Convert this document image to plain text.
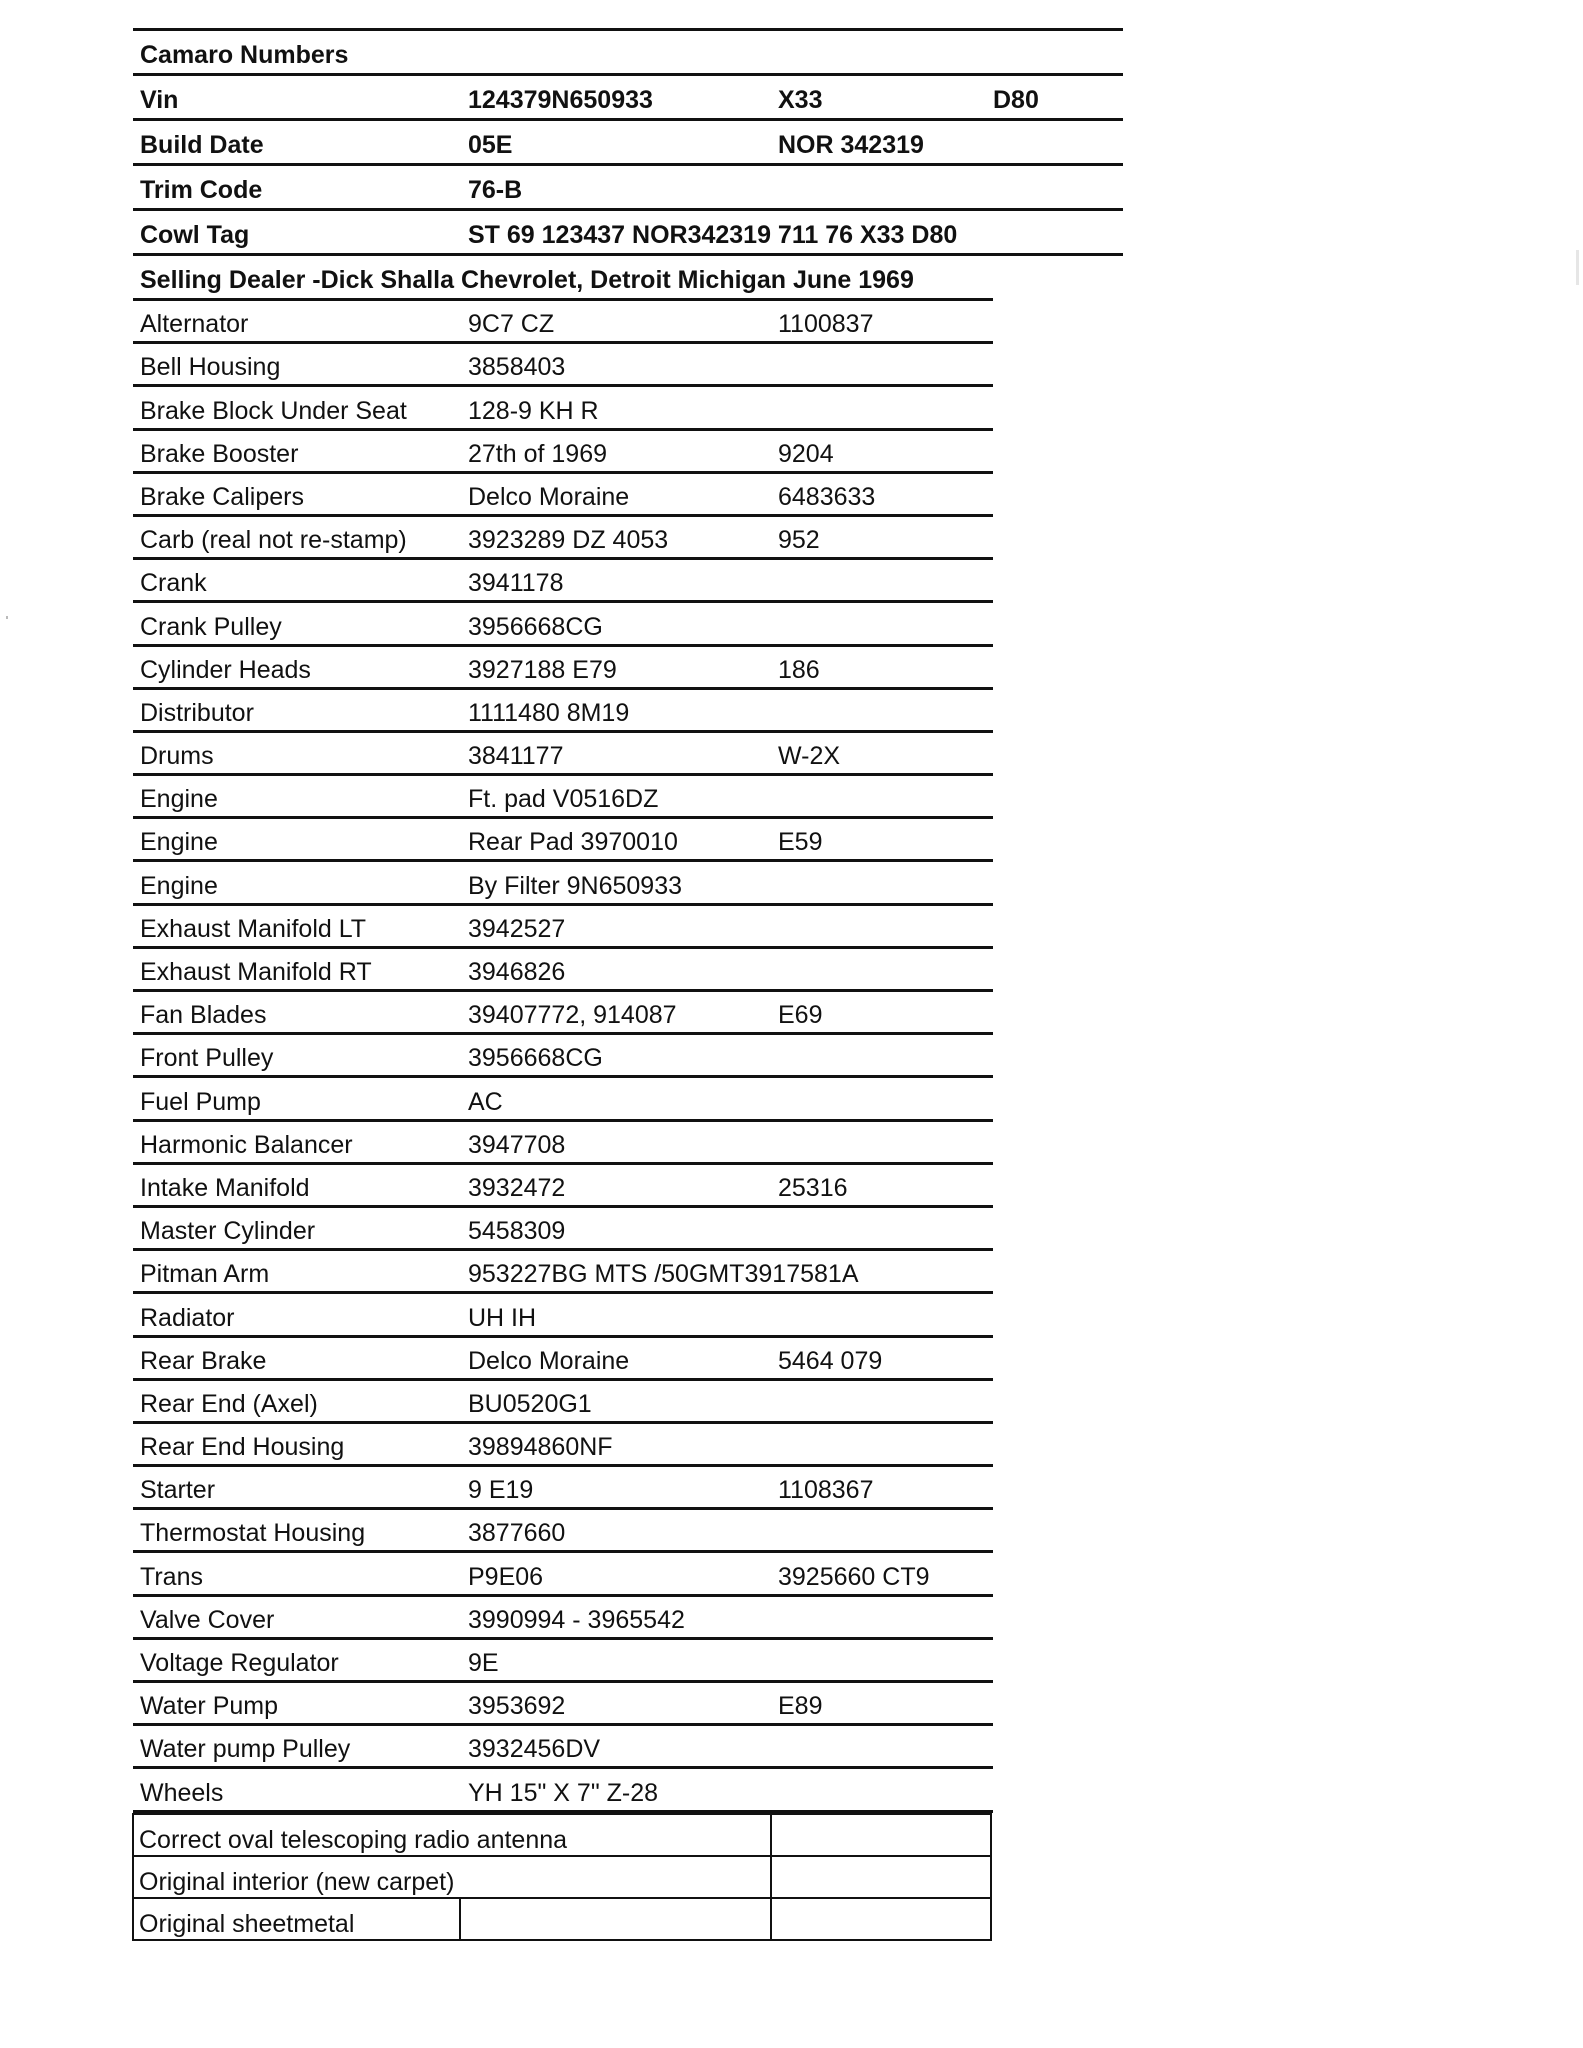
Camaro Numbers
Vin	124379N650933	X33	D80
Build Date	05E	NOR 342319
Trim Code	76-B
Cowl Tag	ST 69 123437 NOR342319 711 76 X33 D80
Selling Dealer -Dick Shalla Chevrolet, Detroit Michigan June 1969
Alternator	9C7 CZ	1100837
Bell Housing	3858403
Brake Block Under Seat 128-9 KH R
Brake Booster	27th of 1969	9204
Brake Calipers	Delco Moraine	6483633
Carb (real not re-stamp) 3923289 DZ 4053	952
Crank	3941178
Crank Pulley	3956668CG
Cylinder Heads	3927188 E79	186
Distributor	1111480 8M19
Drums	3841177	W-2X
Engine	Ft. pad V0516DZ
Engine	Rear Pad 3970010	E59
Engine	By Filter 9N650933
Exhaust Manifold LT	3942527
Exhaust Manifold RT	3946826
Fan Blades	39407772, 914087	E69
Front Pulley	3956668CG
Fuel Pump	AC
Harmonic Balancer	3947708
Intake Manifold	3932472	25316
Master Cylinder	5458309
Pitman Arm	953227BG MTS /50GMT3917581A
Radiator	UH IH
Rear Brake	Delco Moraine	5464 079
Rear End (Axel)	BU0520G1
Rear End Housing	39894860NF
Starter	9 E19	1108367
Thermostat Housing	3877660
Trans	P9E06	3925660 CT9
Valve Cover	3990994 - 3965542
Voltage Regulator	9E
Water Pump	3953692	E89
Water pump Pulley	3932456DV
Wheels	YH 15" X 7" Z-28
Correct oval telescoping radio antenna		
Original interior (new carpet)		
Original sheetmetal		
